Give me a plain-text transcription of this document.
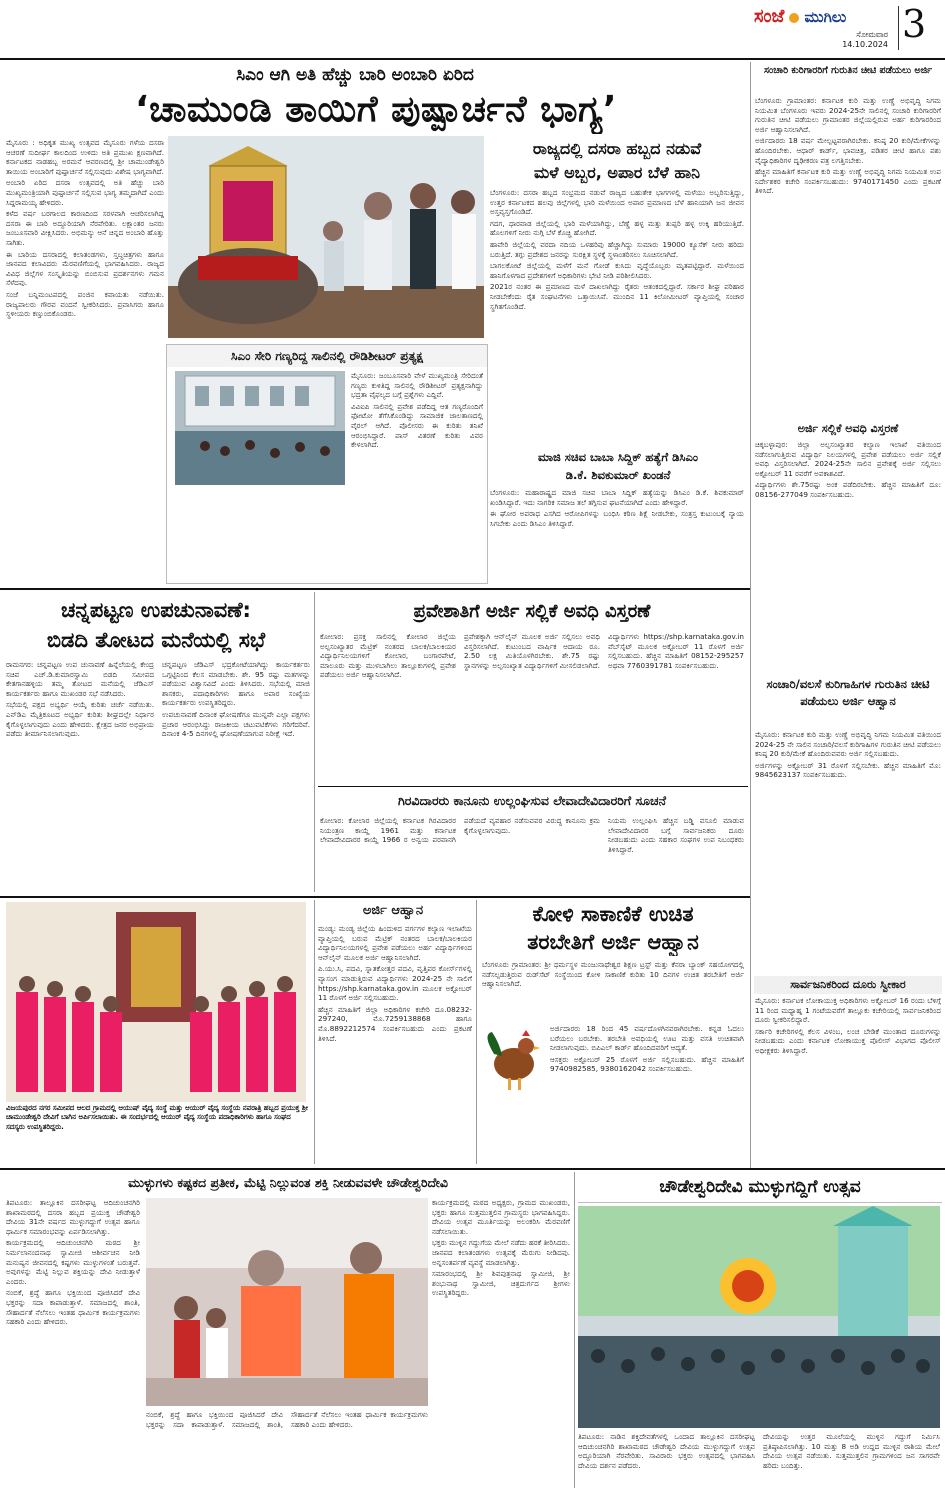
ಸಂಜೆ ಮುಗಿಲು
ಸೋಮವಾರ
14.10.2024 3
ಸಿಎಂ ಆಗಿ ಅತಿ ಹೆಚ್ಚು ಬಾರಿ ಅಂಬಾರಿ ಏರಿದ
‘ಚಾಮುಂಡಿ ತಾಯಿಗೆ ಪುಷ್ಪಾರ್ಚನೆ ಭಾಗ್ಯ’

ಮೈಸೂರು : ಅಧಿಕೃತ ಮುಖ್ಯ ಉತ್ಸವದ ಮೈಸೂರು ಗಳೆಯ ದಸರಾ ಆಚರಣೆ ಸುದೀರ್ಘ ಕಾಲದಿಂದ ಉಳಿದು ಅತಿ ಪ್ರಮುಖ ಕ್ಷಣವಾಗಿದೆ. ಕರ್ನಾಟಕದ ನಾಡಹಬ್ಬ ಅರಮನೆ ಆವರಣದಲ್ಲಿ ಶ್ರೀ ಚಾಮುಂಡೇಶ್ವರಿ ತಾಯಿಯ ಅಂಬಾರಿಗೆ ಪುಷ್ಪಾರ್ಚನೆ ಸಲ್ಲಿಸುವುದು ವಿಶೇಷ ಭಾಗ್ಯವಾಗಿದೆ.

ಅಂಬಾರಿ ಏರಿದ ದಸರಾ ಉತ್ಸವದಲ್ಲಿ ಅತಿ ಹೆಚ್ಚು ಬಾರಿ ಮುಖ್ಯಮಂತ್ರಿಯಾಗಿ ಪುಷ್ಪಾರ್ಚನೆ ಸಲ್ಲಿಸುವ ಭಾಗ್ಯ ತಮ್ಮದಾಗಿದೆ ಎಂದು ಸಿದ್ದರಾಮಯ್ಯ ಹೇಳಿದರು.

ಕಳೆದ ವರ್ಷ ಬರಗಾಲದ ಕಾರಣದಿಂದ ಸರಳವಾಗಿ ಆಚರಿಸಲಾಗಿದ್ದ ದಸರಾ ಈ ಬಾರಿ ಅದ್ದೂರಿಯಾಗಿ ನೆರವೇರಿತು. ಲಕ್ಷಾಂತರ ಜನರು ಜಂಬೂಸವಾರಿ ವೀಕ್ಷಿಸಿದರು. ಅಭಿಮನ್ಯು ಆನೆ ಚಿನ್ನದ ಅಂಬಾರಿ ಹೊತ್ತು ಸಾಗಿತು.

ಈ ಬಾರಿಯ ದಸರಾದಲ್ಲಿ ಕಲಾತಂಡಗಳು, ಸ್ತಬ್ಧಚಿತ್ರಗಳು ಹಾಗೂ ಜಾನಪದ ಕಲಾವಿದರು ಮೆರವಣಿಗೆಯಲ್ಲಿ ಭಾಗವಹಿಸಿದರು. ರಾಜ್ಯದ ವಿವಿಧ ಜಿಲ್ಲೆಗಳ ಸಂಸ್ಕೃತಿಯನ್ನು ಬಿಂಬಿಸುವ ಪ್ರದರ್ಶನಗಳು ಗಮನ ಸೆಳೆದವು.

ಸಂಜೆ ಬನ್ನಿಮಂಟಪದಲ್ಲಿ ಪಂಜಿನ ಕವಾಯತು ನಡೆಯಿತು. ರಾಜ್ಯಪಾಲರು ಗೌರವ ವಂದನೆ ಸ್ವೀಕರಿಸಿದರು. ಪ್ರವಾಸಿಗರು ಹಾಗೂ ಸ್ಥಳೀಯರು ಕಣ್ತುಂಬಿಕೊಂಡರು.

ರಾಜ್ಯದಲ್ಲಿ ದಸರಾ ಹಬ್ಬದ ನಡುವೆ
ಮಳೆ ಅಬ್ಬರ, ಅಪಾರ ಬೆಳೆ ಹಾನಿ

ಬೆಂಗಳೂರು: ದಸರಾ ಹಬ್ಬದ ಸಂಭ್ರಮದ ನಡುವೆ ರಾಜ್ಯದ ಬಹುತೇಕ ಭಾಗಗಳಲ್ಲಿ ಮಳೆಯು ಅಬ್ಬರಿಸುತ್ತಿದ್ದು, ಉತ್ತರ ಕರ್ನಾಟಕದ ಹಲವು ಜಿಲ್ಲೆಗಳಲ್ಲಿ ಭಾರಿ ಮಳೆಯಿಂದ ಅಪಾರ ಪ್ರಮಾಣದ ಬೆಳೆ ಹಾನಿಯಾಗಿ ಜನ ಜೀವನ ಅಸ್ತವ್ಯಸ್ತಗೊಂಡಿದೆ.

ಗದಗ, ಧಾರವಾಡ ಜಿಲ್ಲೆಯಲ್ಲಿ ಭಾರಿ ಮಳೆಯಾಗಿದ್ದು, ಬೆಣ್ಣೆ ಹಳ್ಳ ಮತ್ತು ತುಪ್ಪರಿ ಹಳ್ಳ ಉಕ್ಕಿ ಹರಿಯುತ್ತಿದೆ. ಹೊಲಗಳಿಗೆ ನೀರು ನುಗ್ಗಿ ಬೆಳೆ ಕೊಚ್ಚಿ ಹೋಗಿದೆ.

ಹಾವೇರಿ ಜಿಲ್ಲೆಯಲ್ಲಿ ವರದಾ ನದಿಯ ಒಳಹರಿವು ಹೆಚ್ಚಾಗಿದ್ದು ಸುಮಾರು 19000 ಕ್ಯೂಸೆಕ್ ನೀರು ಹರಿದು ಬರುತ್ತಿದೆ. ತಗ್ಗು ಪ್ರದೇಶದ ಜನರನ್ನು ಸುರಕ್ಷಿತ ಸ್ಥಳಕ್ಕೆ ಸ್ಥಳಾಂತರಿಸಲು ಸೂಚಿಸಲಾಗಿದೆ.

ಬಾಗಲಕೋಟೆ ಜಿಲ್ಲೆಯಲ್ಲಿ ಮಳೆಗೆ ಮನೆ ಗೋಡೆ ಕುಸಿದು ವೃದ್ಧೆಯೊಬ್ಬರು ಮೃತಪಟ್ಟಿದ್ದಾರೆ. ಮಳೆಯಿಂದ ಹಾನಿಗೊಳಗಾದ ಪ್ರದೇಶಗಳಿಗೆ ಅಧಿಕಾರಿಗಳು ಭೇಟಿ ನೀಡಿ ಪರಿಶೀಲಿಸಿದರು.

2021ರ ನಂತರ ಈ ಪ್ರಮಾಣದ ಮಳೆ ದಾಖಲಾಗಿದ್ದು ರೈತರು ಆತಂಕದಲ್ಲಿದ್ದಾರೆ. ಸರ್ಕಾರ ಶೀಘ್ರ ಪರಿಹಾರ ನೀಡಬೇಕೆಂದು ರೈತ ಸಂಘಟನೆಗಳು ಒತ್ತಾಯಿಸಿವೆ. ಮುಂದಿನ 11 ಕಿಲೋಮೀಟರ್ ವ್ಯಾಪ್ತಿಯಲ್ಲಿ ಸಂಚಾರ ಸ್ಥಗಿತಗೊಂಡಿದೆ.

ಸಿಎಂ ಸೇರಿ ಗಣ್ಯರಿದ್ದ ಸಾಲಿನಲ್ಲಿ ರೌಡಿಶೀಟರ್ ಪ್ರತ್ಯಕ್ಷ

ಮೈಸೂರು: ಜಂಬೂಸವಾರಿ ವೇಳೆ ಮುಖ್ಯಮಂತ್ರಿ ಸೇರಿದಂತೆ ಗಣ್ಯರು ಕುಳಿತಿದ್ದ ಸಾಲಿನಲ್ಲಿ ರೌಡಿಶೀಟರ್ ಪ್ರತ್ಯಕ್ಷನಾಗಿದ್ದು ಭದ್ರತಾ ವೈಫಲ್ಯದ ಬಗ್ಗೆ ಪ್ರಶ್ನೆಗಳು ಎದ್ದಿವೆ.

ವಿವಿಐಪಿ ಸಾಲಿನಲ್ಲಿ ಪ್ರವೇಶ ಪಡೆದಿದ್ದ ಆತ ಗಣ್ಯರೊಂದಿಗೆ ಫೋಟೋ ತೆಗೆಸಿಕೊಂಡಿದ್ದು ಸಾಮಾಜಿಕ ಜಾಲತಾಣದಲ್ಲಿ ವೈರಲ್ ಆಗಿದೆ. ಪೊಲೀಸರು ಈ ಕುರಿತು ತನಿಖೆ ಆರಂಭಿಸಿದ್ದಾರೆ. ಪಾಸ್ ವಿತರಣೆ ಕುರಿತು ವಿವರ ಕೇಳಲಾಗಿದೆ.

ಮಾಜಿ ಸಚಿವ ಬಾಬಾ ಸಿದ್ದಿಕ್ ಹತ್ಯೆಗೆ ಡಿಸಿಎಂ
ಡಿ.ಕೆ. ಶಿವಕುಮಾರ್ ಖಂಡನೆ

ಬೆಂಗಳೂರು: ಮಹಾರಾಷ್ಟ್ರದ ಮಾಜಿ ಸಚಿವ ಬಾಬಾ ಸಿದ್ದಿಕ್ ಹತ್ಯೆಯನ್ನು ಡಿಸಿಎಂ ಡಿ.ಕೆ. ಶಿವಕುಮಾರ್ ಖಂಡಿಸಿದ್ದಾರೆ. ಇದು ನಾಗರಿಕ ಸಮಾಜ ತಲೆ ತಗ್ಗಿಸುವ ಘಟನೆಯಾಗಿದೆ ಎಂದು ಹೇಳಿದ್ದಾರೆ.

ಈ ಘೋರ ಅಪರಾಧ ಎಸಗಿದ ಆರೋಪಿಗಳನ್ನು ಬಂಧಿಸಿ ಕಠಿಣ ಶಿಕ್ಷೆ ನೀಡಬೇಕು, ಸಂತ್ರಸ್ತ ಕುಟುಂಬಕ್ಕೆ ನ್ಯಾಯ ಸಿಗಬೇಕು ಎಂದು ಡಿಸಿಎಂ ತಿಳಿಸಿದ್ದಾರೆ.

ಸಂಚಾರಿ ಕುರಿಗಾರರಿಗೆ ಗುರುತಿನ ಚೀಟಿ ಪಡೆಯಲು ಅರ್ಜಿ

ಬೆಂಗಳೂರು ಗ್ರಾಮಾಂತರ: ಕರ್ನಾಟಕ ಕುರಿ ಮತ್ತು ಉಣ್ಣೆ ಅಭಿವೃದ್ಧಿ ನಿಗಮ ನಿಯಮಿತ ಬೆಂಗಳೂರು ಇವರು 2024-25ನೇ ಸಾಲಿನಲ್ಲಿ ಸಂಚಾರಿ ಕುರಿಗಾರರಿಗೆ ಗುರುತಿನ ಚೀಟಿ ಪಡೆಯಲು ಗ್ರಾಮಾಂತರ ಜಿಲ್ಲೆಯಲ್ಲಿರುವ ಅರ್ಹ ಕುರಿಗಾರರಿಂದ ಅರ್ಜಿ ಆಹ್ವಾನಿಸಲಾಗಿದೆ.

ಅರ್ಜಿದಾರರು 18 ವರ್ಷ ಮೇಲ್ಪಟ್ಟವರಾಗಿರಬೇಕು. ಕನಿಷ್ಠ 20 ಕುರಿ/ಮೇಕೆಗಳನ್ನು ಹೊಂದಿರಬೇಕು. ಆಧಾರ್ ಕಾರ್ಡ್, ಭಾವಚಿತ್ರ, ಪಡಿತರ ಚೀಟಿ ಹಾಗೂ ಪಶು ವೈದ್ಯಾಧಿಕಾರಿಗಳ ದೃಢೀಕರಣ ಪತ್ರ ಲಗತ್ತಿಸಬೇಕು.

ಹೆಚ್ಚಿನ ಮಾಹಿತಿಗೆ ಕರ್ನಾಟಕ ಕುರಿ ಮತ್ತು ಉಣ್ಣೆ ಅಭಿವೃದ್ಧಿ ನಿಗಮ ನಿಯಮಿತ ಉಪ ನಿರ್ದೇಶಕರ ಕಚೇರಿ ಸಂಪರ್ಕಿಸಬಹುದು: 9740171450 ಎಂದು ಪ್ರಕಟಣೆ ತಿಳಿಸಿದೆ.

ಅರ್ಜಿ ಸಲ್ಲಿಕೆ ಅವಧಿ ವಿಸ್ತರಣೆ

ಚಿಕ್ಕಬಳ್ಳಾಪುರ: ಜಿಲ್ಲಾ ಅಲ್ಪಸಂಖ್ಯಾತರ ಕಲ್ಯಾಣ ಇಲಾಖೆ ವತಿಯಿಂದ ನಡೆಸಲಾಗುತ್ತಿರುವ ವಿದ್ಯಾರ್ಥಿ ನಿಲಯಗಳಲ್ಲಿ ಪ್ರವೇಶ ಪಡೆಯಲು ಅರ್ಜಿ ಸಲ್ಲಿಕೆ ಅವಧಿ ವಿಸ್ತರಿಸಲಾಗಿದೆ. 2024-25ನೇ ಸಾಲಿನ ಪ್ರವೇಶಕ್ಕೆ ಅರ್ಜಿ ಸಲ್ಲಿಸಲು ಅಕ್ಟೋಬರ್ 11 ರವರೆಗೆ ಅವಕಾಶವಿದೆ.

ವಿದ್ಯಾರ್ಥಿಗಳು ಶೇ.75ರಷ್ಟು ಅಂಕ ಪಡೆದಿರಬೇಕು. ಹೆಚ್ಚಿನ ಮಾಹಿತಿಗೆ ದೂ: 08156-277049 ಸಂಪರ್ಕಿಸಬಹುದು.

ಸಂಚಾರಿ/ವಲಸೆ ಕುರಿಗಾಹಿಗಳ ಗುರುತಿನ ಚೀಟಿ ಪಡೆಯಲು ಅರ್ಜಿ ಆಹ್ವಾನ

ಮೈಸೂರು: ಕರ್ನಾಟಕ ಕುರಿ ಮತ್ತು ಉಣ್ಣೆ ಅಭಿವೃದ್ಧಿ ನಿಗಮ ನಿಯಮಿತ ವತಿಯಿಂದ 2024-25 ನೇ ಸಾಲಿನ ಸಂಚಾರಿ/ವಲಸೆ ಕುರಿಗಾಹಿಗಳ ಗುರುತಿನ ಚೀಟಿ ಪಡೆಯಲು ಕನಿಷ್ಠ 20 ಕುರಿ/ಮೇಕೆ ಹೊಂದಿರುವವರು ಅರ್ಜಿ ಸಲ್ಲಿಸಬಹುದು.

ಅರ್ಜಿಗಳನ್ನು ಅಕ್ಟೋಬರ್ 31 ರೊಳಗೆ ಸಲ್ಲಿಸಬೇಕು. ಹೆಚ್ಚಿನ ಮಾಹಿತಿಗೆ ಮೊ: 9845623137 ಸಂಪರ್ಕಿಸಬಹುದು.

ಸಾರ್ವಜನಿಕರಿಂದ ದೂರು ಸ್ವೀಕಾರ

ಮೈಸೂರು: ಕರ್ನಾಟಕ ಲೋಕಾಯುಕ್ತ ಅಧಿಕಾರಿಗಳು ಅಕ್ಟೋಬರ್ 16 ರಂದು ಬೆಳಿಗ್ಗೆ 11 ರಿಂದ ಮಧ್ಯಾಹ್ನ 1 ಗಂಟೆಯವರೆಗೆ ತಾಲ್ಲೂಕು ಕಚೇರಿಯಲ್ಲಿ ಸಾರ್ವಜನಿಕರಿಂದ ದೂರು ಸ್ವೀಕರಿಸಲಿದ್ದಾರೆ.

ಸರ್ಕಾರಿ ಕಚೇರಿಗಳಲ್ಲಿ ಕೆಲಸ ವಿಳಂಬ, ಲಂಚ ಬೇಡಿಕೆ ಮುಂತಾದ ದೂರುಗಳನ್ನು ನೀಡಬಹುದು ಎಂದು ಕರ್ನಾಟಕ ಲೋಕಾಯುಕ್ತ ಪೊಲೀಸ್ ವಿಭಾಗದ ಪೊಲೀಸ್ ಅಧೀಕ್ಷಕರು ತಿಳಿಸಿದ್ದಾರೆ.

ಚನ್ನಪಟ್ಟಣ ಉಪಚುನಾವಣೆ:
ಬಿಡದಿ ತೋಟದ ಮನೆಯಲ್ಲಿ ಸಭೆ

ರಾಮನಗರ: ಚನ್ನಪಟ್ಟಣ ಉಪ ಚುನಾವಣೆ ಹಿನ್ನೆಲೆಯಲ್ಲಿ ಕೇಂದ್ರ ಸಚಿವ ಎಚ್.ಡಿ.ಕುಮಾರಸ್ವಾಮಿ ಬಿಡದಿ ಸಮೀಪದ ಕೇತಗಾನಹಳ್ಳಿಯ ತಮ್ಮ ತೋಟದ ಮನೆಯಲ್ಲಿ ಜೆಡಿಎಸ್ ಕಾರ್ಯಕರ್ತರು ಹಾಗೂ ಮುಖಂಡರ ಸಭೆ ನಡೆಸಿದರು.

ಸಭೆಯಲ್ಲಿ ಪಕ್ಷದ ಅಭ್ಯರ್ಥಿ ಆಯ್ಕೆ ಕುರಿತು ಚರ್ಚೆ ನಡೆಯಿತು. ಎನ್‌ಡಿಎ ಮೈತ್ರಿಕೂಟದ ಅಭ್ಯರ್ಥಿ ಕುರಿತು ಶೀಘ್ರದಲ್ಲೇ ನಿರ್ಧಾರ ಕೈಗೊಳ್ಳಲಾಗುವುದು ಎಂದು ಹೇಳಿದರು. ಕ್ಷೇತ್ರದ ಜನರ ಅಭಿಪ್ರಾಯ ಪಡೆದು ತೀರ್ಮಾನಿಸಲಾಗುವುದು.

ಚನ್ನಪಟ್ಟಣ ಜೆಡಿಎಸ್ ಭದ್ರಕೋಟೆಯಾಗಿದ್ದು ಕಾರ್ಯಕರ್ತರು ಒಗ್ಗಟ್ಟಿನಿಂದ ಕೆಲಸ ಮಾಡಬೇಕು. ಶೇ. 95 ರಷ್ಟು ಮತಗಳನ್ನು ಪಡೆಯುವ ವಿಶ್ವಾಸವಿದೆ ಎಂದು ತಿಳಿಸಿದರು. ಸಭೆಯಲ್ಲಿ ಮಾಜಿ ಶಾಸಕರು, ಪದಾಧಿಕಾರಿಗಳು ಹಾಗೂ ಅಪಾರ ಸಂಖ್ಯೆಯ ಕಾರ್ಯಕರ್ತರು ಉಪಸ್ಥಿತರಿದ್ದರು.

ಉಪಚುನಾವಣೆ ದಿನಾಂಕ ಘೋಷಣೆಗೂ ಮುನ್ನವೇ ಎಲ್ಲಾ ಪಕ್ಷಗಳು ಪ್ರಚಾರ ಆರಂಭಿಸಿದ್ದು ರಾಜಕೀಯ ಚಟುವಟಿಕೆಗಳು ಗರಿಗೆದರಿವೆ. ದಿನಾಂಕ 4-5 ದಿನಗಳಲ್ಲಿ ಘೋಷಣೆಯಾಗುವ ನಿರೀಕ್ಷೆ ಇದೆ.

ಪ್ರವೇಶಾತಿಗೆ ಅರ್ಜಿ ಸಲ್ಲಿಕೆ ಅವಧಿ ವಿಸ್ತರಣೆ

ಕೋಲಾರ: ಪ್ರಸಕ್ತ ಸಾಲಿನಲ್ಲಿ ಕೋಲಾರ ಜಿಲ್ಲೆಯ ಅಲ್ಪಸಂಖ್ಯಾತರ ಮೆಟ್ರಿಕ್ ನಂತರದ ಬಾಲಕ/ಬಾಲಕಿಯರ ವಿದ್ಯಾರ್ಥಿನಿಲಯಗಳಿಗೆ ಕೋಲಾರ, ಬಂಗಾರಪೇಟೆ, ಮಾಲೂರು ಮತ್ತು ಮುಳಬಾಗಿಲು ತಾಲ್ಲೂಕುಗಳಲ್ಲಿ ಪ್ರವೇಶ ಪಡೆಯಲು ಅರ್ಜಿ ಆಹ್ವಾನಿಸಲಾಗಿದೆ.

ಪ್ರವೇಶಕ್ಕಾಗಿ ಆನ್‌ಲೈನ್ ಮೂಲಕ ಅರ್ಜಿ ಸಲ್ಲಿಸಲು ಅವಧಿ ವಿಸ್ತರಿಸಲಾಗಿದೆ. ಕುಟುಂಬದ ವಾರ್ಷಿಕ ಆದಾಯ ರೂ. 2.50 ಲಕ್ಷ ಮಿತಿಯೊಳಗಿರಬೇಕು. ಶೇ.75 ರಷ್ಟು ಸ್ಥಾನಗಳನ್ನು ಅಲ್ಪಸಂಖ್ಯಾತ ವಿದ್ಯಾರ್ಥಿಗಳಿಗೆ ಮೀಸಲಿಡಲಾಗಿದೆ.

ವಿದ್ಯಾರ್ಥಿಗಳು https://shp.karnataka.gov.in ವೆಬ್‌ಸೈಟ್ ಮೂಲಕ ಅಕ್ಟೋಬರ್ 11 ರೊಳಗೆ ಅರ್ಜಿ ಸಲ್ಲಿಸಬಹುದು. ಹೆಚ್ಚಿನ ಮಾಹಿತಿಗೆ 08152-295257 ಅಥವಾ 7760391781 ಸಂಪರ್ಕಿಸಬಹುದು.

ಗಿರವಿದಾರರು ಕಾನೂನು ಉಲ್ಲಂಘಿಸುವ ಲೇವಾದೇವಿದಾರರಿಗೆ ಸೂಚನೆ

ಕೋಲಾರ: ಕೋಲಾರ ಜಿಲ್ಲೆಯಲ್ಲಿ ಕರ್ನಾಟಕ ಗಿರವಿದಾರರ ನಿಯಂತ್ರಣ ಕಾಯ್ದೆ 1961 ಮತ್ತು ಕರ್ನಾಟಕ ಲೇವಾದೇವಿದಾರರ ಕಾಯ್ದೆ 1966 ರ ಅನ್ವಯ ಪರವಾನಗಿ ಪಡೆಯದೆ ವ್ಯವಹಾರ ನಡೆಸುವವರ ವಿರುದ್ಧ ಕಾನೂನು ಕ್ರಮ ಕೈಗೊಳ್ಳಲಾಗುವುದು.

ನಿಯಮ ಉಲ್ಲಂಘಿಸಿ ಹೆಚ್ಚಿನ ಬಡ್ಡಿ ವಸೂಲಿ ಮಾಡುವ ಲೇವಾದೇವಿದಾರರ ಬಗ್ಗೆ ಸಾರ್ವಜನಿಕರು ದೂರು ನೀಡಬಹುದು ಎಂದು ಸಹಕಾರ ಸಂಘಗಳ ಉಪ ನಿಬಂಧಕರು ತಿಳಿಸಿದ್ದಾರೆ.

ವಿಜಯಪುರದ ನಗರ ಸಮೀಪದ ಆಲದ ಗ್ರಾಮದಲ್ಲಿ ಆಯುಷ್ ವೈದ್ಯ ಸಂಸ್ಥೆ ಮತ್ತು ಆಯುರ್ ವೈದ್ಯ ಸಂಸ್ಥೆಯ ನವರಾತ್ರಿ ಹಬ್ಬದ ಪ್ರಯುಕ್ತ ಶ್ರೀ ಚಾಮುಂಡೇಶ್ವರಿ ದೇವಿಗೆ ಬಾಗಿನ ಅರ್ಪಿಸಲಾಯಿತು. ಈ ಸಂದರ್ಭದಲ್ಲಿ ಆಯುರ್ ವೈದ್ಯ ಸಂಸ್ಥೆಯ ಪದಾಧಿಕಾರಿಗಳು ಹಾಗೂ ಸಂಘದ ಸದಸ್ಯರು ಉಪಸ್ಥಿತರಿದ್ದರು.
ಅರ್ಜಿ ಆಹ್ವಾನ

ಮಂಡ್ಯ: ಮಂಡ್ಯ ಜಿಲ್ಲೆಯ ಹಿಂದುಳಿದ ವರ್ಗಗಳ ಕಲ್ಯಾಣ ಇಲಾಖೆಯ ವ್ಯಾಪ್ತಿಯಲ್ಲಿ ಬರುವ ಮೆಟ್ರಿಕ್ ನಂತರದ ಬಾಲಕ/ಬಾಲಕಿಯರ ವಿದ್ಯಾರ್ಥಿನಿಲಯಗಳಲ್ಲಿ ಪ್ರವೇಶ ಪಡೆಯಲು ಅರ್ಹ ವಿದ್ಯಾರ್ಥಿಗಳಿಂದ ಆನ್‌ಲೈನ್ ಮೂಲಕ ಅರ್ಜಿ ಆಹ್ವಾನಿಸಲಾಗಿದೆ.

ಪಿ.ಯು.ಸಿ, ಪದವಿ, ಸ್ನಾತಕೋತ್ತರ ಪದವಿ, ವೃತ್ತಿಪರ ಕೋರ್ಸ್‌ಗಳಲ್ಲಿ ವ್ಯಾಸಂಗ ಮಾಡುತ್ತಿರುವ ವಿದ್ಯಾರ್ಥಿಗಳು 2024-25 ನೇ ಸಾಲಿಗೆ https://shp.karnataka.gov.in ಮೂಲಕ ಅಕ್ಟೋಬರ್ 11 ರೊಳಗೆ ಅರ್ಜಿ ಸಲ್ಲಿಸಬಹುದು.

ಹೆಚ್ಚಿನ ಮಾಹಿತಿಗೆ ಜಿಲ್ಲಾ ಅಧಿಕಾರಿಗಳ ಕಚೇರಿ ದೂ.08232-297240, ಮೊ.7259138868 ಹಾಗೂ ಮೊ.8892212574 ಸಂಪರ್ಕಿಸಬಹುದು ಎಂದು ಪ್ರಕಟಣೆ ತಿಳಿಸಿದೆ.

ಕೋಳಿ ಸಾಕಾಣಿಕೆ ಉಚಿತ
ತರಬೇತಿಗೆ ಅರ್ಜಿ ಆಹ್ವಾನ

ಬೆಂಗಳೂರು ಗ್ರಾಮಾಂತರ: ಶ್ರೀ ಧರ್ಮಸ್ಥಳ ಮಂಜುನಾಥೇಶ್ವರ ಶಿಕ್ಷಣ ಟ್ರಸ್ಟ್ ಮತ್ತು ಕೆನರಾ ಬ್ಯಾಂಕ್ ಸಹಯೋಗದಲ್ಲಿ ನಡೆಸಲ್ಪಡುತ್ತಿರುವ ರುಡ್‌ಸೆಟ್ ಸಂಸ್ಥೆಯಿಂದ ಕೋಳಿ ಸಾಕಾಣಿಕೆ ಕುರಿತು 10 ದಿನಗಳ ಉಚಿತ ತರಬೇತಿಗೆ ಅರ್ಜಿ ಆಹ್ವಾನಿಸಲಾಗಿದೆ.

ಅರ್ಜಿದಾರರು 18 ರಿಂದ 45 ವರ್ಷದೊಳಗಿನವರಾಗಿರಬೇಕು. ಕನ್ನಡ ಓದಲು ಬರೆಯಲು ಬರಬೇಕು. ತರಬೇತಿ ಅವಧಿಯಲ್ಲಿ ಊಟ ಮತ್ತು ವಸತಿ ಉಚಿತವಾಗಿ ನೀಡಲಾಗುವುದು. ಬಿಪಿಎಲ್ ಕಾರ್ಡ್ ಹೊಂದಿದವರಿಗೆ ಆದ್ಯತೆ.

ಆಸಕ್ತರು ಅಕ್ಟೋಬರ್ 25 ರೊಳಗೆ ಅರ್ಜಿ ಸಲ್ಲಿಸಬಹುದು. ಹೆಚ್ಚಿನ ಮಾಹಿತಿಗೆ 9740982585, 9380162042 ಸಂಪರ್ಕಿಸಬಹುದು.

ಮುಳ್ಳುಗಳು ಕಷ್ಟಕದ ಪ್ರತೀಕ, ಮೆಟ್ಟಿ ನಿಲ್ಲುವಂತ ಶಕ್ತಿ ನೀಡುವವಳೇ ಚೌಡೇಶ್ವರಿದೇವಿ

ತಿಪಟೂರು: ತಾಲ್ಲೂಕಿನ ದಸರೀಘಟ್ಟ ಆದಿಚುಂಚನಗಿರಿ ಶಾಖಾಮಠದಲ್ಲಿ ದಸರಾ ಹಬ್ಬದ ಪ್ರಯುಕ್ತ ಚೌಡೇಶ್ವರಿ ದೇವಿಯ 31ನೇ ವರ್ಷದ ಮುಳ್ಳುಗದ್ದುಗೆ ಉತ್ಸವ ಹಾಗೂ ಧಾರ್ಮಿಕ ಸಮಾರಂಭವನ್ನು ಏರ್ಪಡಿಸಲಾಗಿತ್ತು.

ಕಾರ್ಯಕ್ರಮದಲ್ಲಿ ಆದಿಚುಂಚನಗಿರಿ ಮಠದ ಶ್ರೀ ನಿರ್ಮಲಾನಂದನಾಥ ಸ್ವಾಮೀಜಿ ಆಶೀರ್ವಚನ ನೀಡಿ ಮನುಷ್ಯನ ಜೀವನದಲ್ಲಿ ಕಷ್ಟಗಳು ಮುಳ್ಳುಗಳಂತೆ ಬರುತ್ತವೆ. ಅವುಗಳನ್ನು ಮೆಟ್ಟಿ ನಿಲ್ಲುವ ಶಕ್ತಿಯನ್ನು ದೇವಿ ನೀಡುತ್ತಾಳೆ ಎಂದರು.

ನಂಬಿಕೆ, ಶ್ರದ್ಧೆ ಹಾಗೂ ಭಕ್ತಿಯಿಂದ ಪೂಜಿಸಿದರೆ ದೇವಿ ಭಕ್ತರನ್ನು ಸದಾ ಕಾಪಾಡುತ್ತಾಳೆ. ಸಮಾಜದಲ್ಲಿ ಶಾಂತಿ, ಸೌಹಾರ್ದತೆ ನೆಲೆಸಲು ಇಂತಹ ಧಾರ್ಮಿಕ ಕಾರ್ಯಕ್ರಮಗಳು ಸಹಕಾರಿ ಎಂದು ಹೇಳಿದರು.

ಕಾರ್ಯಕ್ರಮದಲ್ಲಿ ಮಠದ ಅಧ್ಯಕ್ಷರು, ಗ್ರಾಮದ ಮುಖಂಡರು, ಭಕ್ತರು ಹಾಗೂ ಸುತ್ತಮುತ್ತಲಿನ ಗ್ರಾಮಸ್ಥರು ಭಾಗವಹಿಸಿದ್ದರು. ದೇವಿಯ ಉತ್ಸವ ಮೂರ್ತಿಯನ್ನು ಅಲಂಕರಿಸಿ ಮೆರವಣಿಗೆ ನಡೆಸಲಾಯಿತು.

ಭಕ್ತರು ಮುಳ್ಳಿನ ಗದ್ದುಗೆಯ ಮೇಲೆ ನಡೆದು ಹರಕೆ ತೀರಿಸಿದರು. ಜಾನಪದ ಕಲಾತಂಡಗಳು ಉತ್ಸವಕ್ಕೆ ಮೆರುಗು ನೀಡಿದವು. ಅನ್ನಸಂತರ್ಪಣೆ ವ್ಯವಸ್ಥೆ ಮಾಡಲಾಗಿತ್ತು.

ಸಮಾರಂಭದಲ್ಲಿ ಶ್ರೀ ಶಿವಪುತ್ರನಾಥ ಸ್ವಾಮೀಜಿ, ಶ್ರೀ ಶಂಭುನಾಥ ಸ್ವಾಮೀಜಿ, ಚಿತ್ರದುರ್ಗದ ಶ್ರೀಗಳು ಉಪಸ್ಥಿತರಿದ್ದರು.

ನಂಬಿಕೆ, ಶ್ರದ್ಧೆ ಹಾಗೂ ಭಕ್ತಿಯಿಂದ ಪೂಜಿಸಿದರೆ ದೇವಿ ಭಕ್ತರನ್ನು ಸದಾ ಕಾಪಾಡುತ್ತಾಳೆ. ಸಮಾಜದಲ್ಲಿ ಶಾಂತಿ, ಸೌಹಾರ್ದತೆ ನೆಲೆಸಲು ಇಂತಹ ಧಾರ್ಮಿಕ ಕಾರ್ಯಕ್ರಮಗಳು ಸಹಕಾರಿ ಎಂದು ಹೇಳಿದರು.

ಚೌಡೇಶ್ವರಿದೇವಿ ಮುಳ್ಳುಗದ್ದಿಗೆ ಉತ್ಸವ

ತಿಪಟೂರು: ನಾಡಿನ ಶಕ್ತಿದೇವತೆಗಳಲ್ಲಿ ಒಂದಾದ ತಾಲ್ಲೂಕಿನ ದಸರೀಘಟ್ಟ ಆದಿಚುಂಚನಗಿರಿ ಶಾಖಾಮಠದ ಚೌಡೇಶ್ವರಿ ದೇವಿಯ ಮುಳ್ಳುಗದ್ದುಗೆ ಉತ್ಸವ ಅದ್ದೂರಿಯಾಗಿ ನೆರವೇರಿತು. ಸಾವಿರಾರು ಭಕ್ತರು ಉತ್ಸವದಲ್ಲಿ ಭಾಗವಹಿಸಿ ದೇವಿಯ ದರ್ಶನ ಪಡೆದರು.

ದೇವಿಯನ್ನು ಉತ್ತರ ಮೂಲೆಯಲ್ಲಿ ಮುಳ್ಳಿನ ಗದ್ದುಗೆ ನಿರ್ಮಿಸಿ ಪ್ರತಿಷ್ಠಾಪಿಸಲಾಗಿತ್ತು. 10 ಮತ್ತು 8 ಅಡಿ ಉದ್ದದ ಮುಳ್ಳಿನ ರಾಶಿಯ ಮೇಲೆ ದೇವಿಯ ಉತ್ಸವ ನಡೆಯಿತು. ಸುತ್ತಮುತ್ತಲಿನ ಗ್ರಾಮಗಳಿಂದ ಜನ ಸಾಗರವೇ ಹರಿದು ಬಂದಿತ್ತು.
